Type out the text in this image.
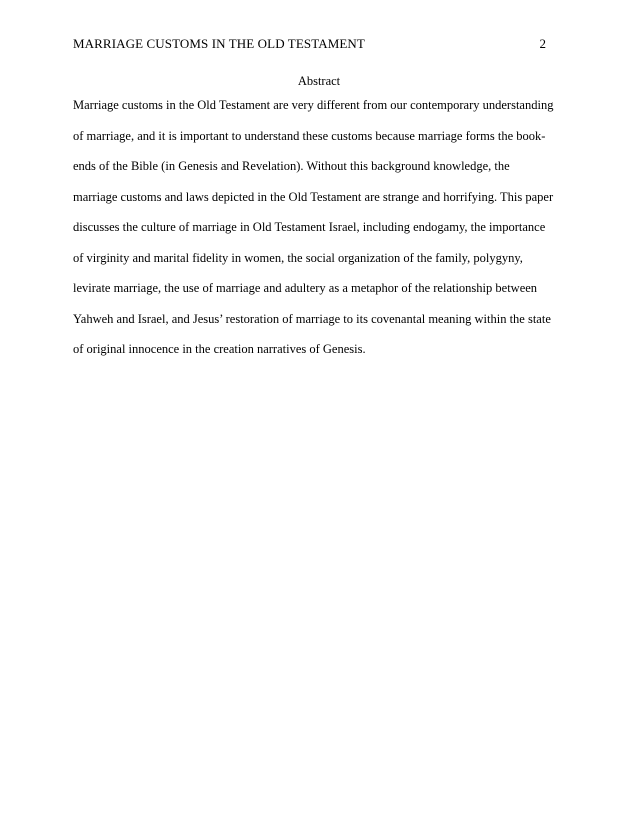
MARRIAGE CUSTOMS IN THE OLD TESTAMENT	2
Abstract
Marriage customs in the Old Testament are very different from our contemporary understanding
of marriage, and it is important to understand these customs because marriage forms the book-
ends of the Bible (in Genesis and Revelation). Without this background knowledge, the
marriage customs and laws depicted in the Old Testament are strange and horrifying. This paper
discusses the culture of marriage in Old Testament Israel, including endogamy, the importance
of virginity and marital fidelity in women, the social organization of the family, polygyny,
levirate marriage, the use of marriage and adultery as a metaphor of the relationship between
Yahweh and Israel, and Jesus’ restoration of marriage to its covenantal meaning within the state
of original innocence in the creation narratives of Genesis.
